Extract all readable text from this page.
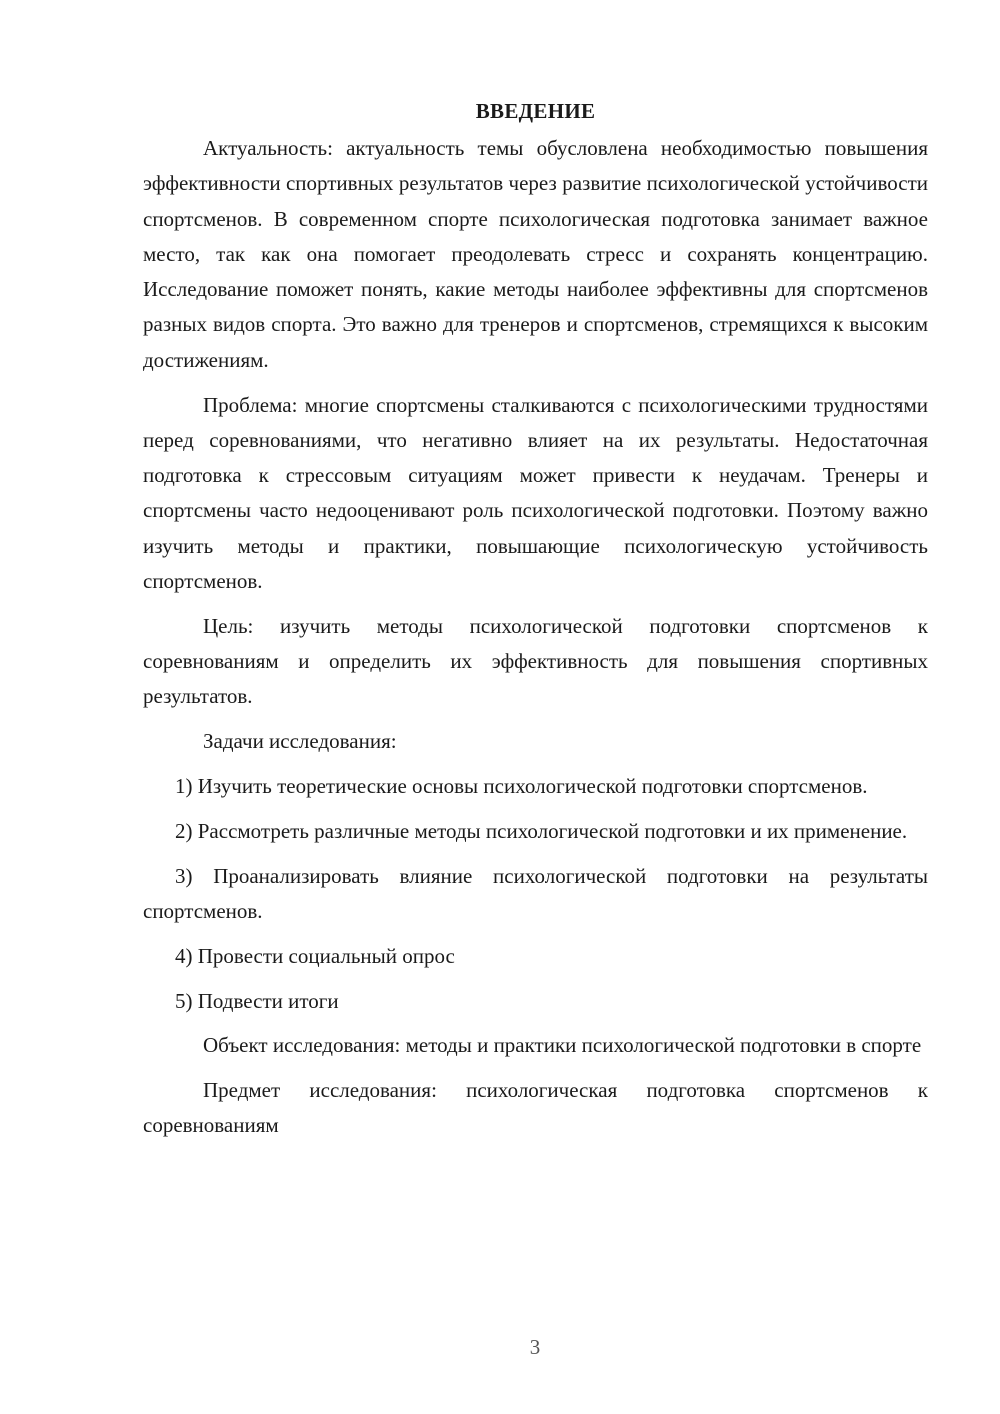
ВВЕДЕНИЕ

Актуальность: актуальность темы обусловлена необходимостью повышения эффективности спортивных результатов через развитие психологической устойчивости спортсменов. В современном спорте психологическая подготовка занимает важное место, так как она помогает преодолевать стресс и сохранять концентрацию. Исследование поможет понять, какие методы наиболее эффективны для спортсменов разных видов спорта. Это важно для тренеров и спортсменов, стремящихся к высоким достижениям.

Проблема: многие спортсмены сталкиваются с психологическими трудностями перед соревнованиями, что негативно влияет на их результаты. Недостаточная подготовка к стрессовым ситуациям может привести к неудачам. Тренеры и спортсмены часто недооценивают роль психологической подготовки. Поэтому важно изучить методы и практики, повышающие психологическую устойчивость спортсменов.

Цель: изучить методы психологической подготовки спортсменов к соревнованиям и определить их эффективность для повышения спортивных результатов.

Задачи исследования:

1) Изучить теоретические основы психологической подготовки спортсменов.

2) Рассмотреть различные методы психологической подготовки и их применение.

3) Проанализировать влияние психологической подготовки на результаты спортсменов.

4) Провести социальный опрос

5) Подвести итоги

Объект исследования: методы и практики психологической подготовки в спорте

Предмет исследования: психологическая подготовка спортсменов к соревнованиям

3
